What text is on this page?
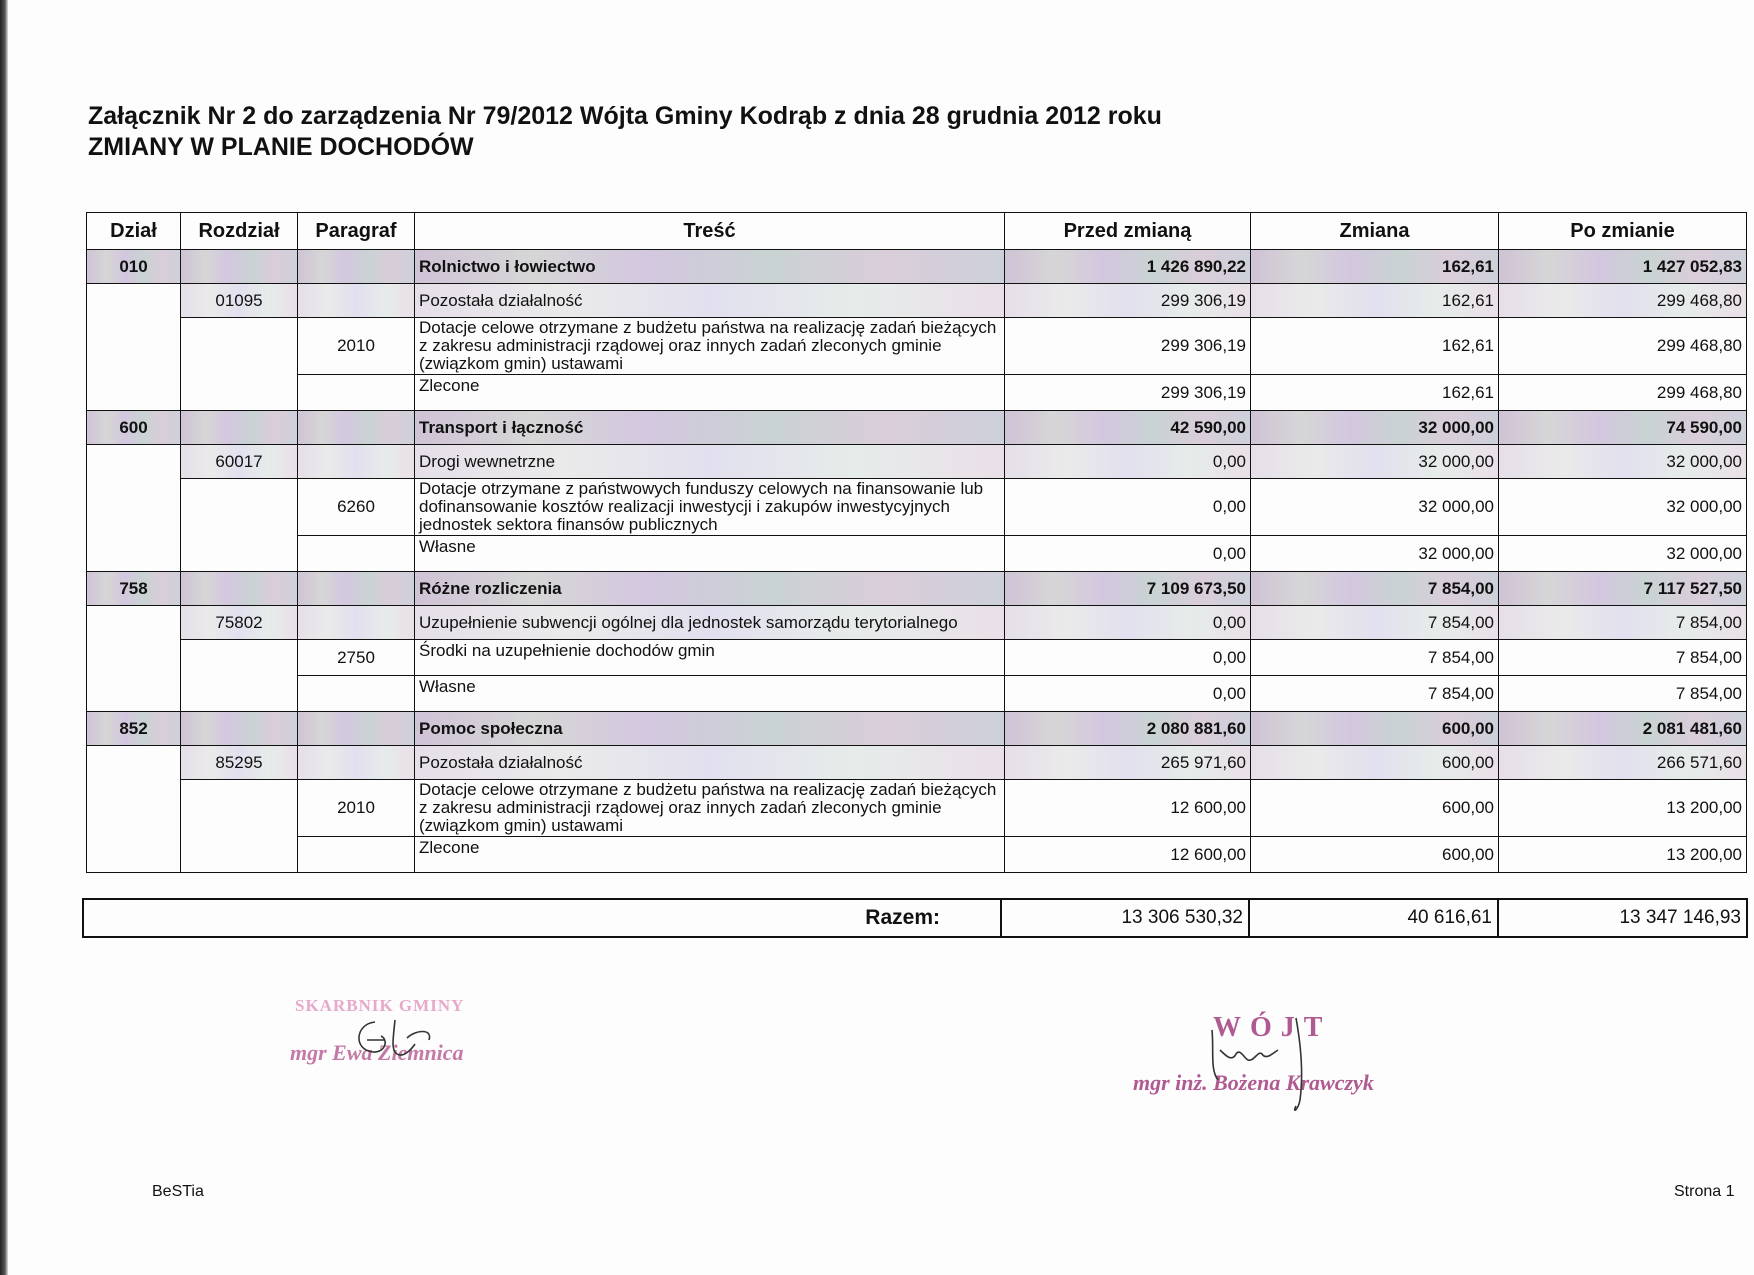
Załącznik Nr 2 do zarządzenia Nr 79/2012 Wójta Gminy Kodrąb z dnia 28 grudnia 2012 roku
ZMIANY W PLANIE DOCHODÓW
Dział	Rozdział	Paragraf	Treść	Przed zmianą	Zmiana	Po zmianie
010			Rolnictwo i łowiectwo	1 426 890,22	162,61	1 427 052,83
	01095		Pozostała działalność	299 306,19	162,61	299 468,80
		2010	Dotacje celowe otrzymane z budżetu państwa na realizację zadań bieżących z zakresu administracji rządowej oraz innych zadań zleconych gminie (związkom gmin) ustawami	299 306,19	162,61	299 468,80
			Zlecone	299 306,19	162,61	299 468,80
600			Transport i łączność	42 590,00	32 000,00	74 590,00
	60017		Drogi wewnetrzne	0,00	32 000,00	32 000,00
		6260	Dotacje otrzymane z państwowych funduszy celowych na finansowanie lub dofinansowanie kosztów realizacji inwestycji i zakupów inwestycyjnych jednostek sektora finansów publicznych	0,00	32 000,00	32 000,00
			Własne	0,00	32 000,00	32 000,00
758			Różne rozliczenia	7 109 673,50	7 854,00	7 117 527,50
	75802		Uzupełnienie subwencji ogólnej dla jednostek samorządu terytorialnego	0,00	7 854,00	7 854,00
		2750	Środki na uzupełnienie dochodów gmin	0,00	7 854,00	7 854,00
			Własne	0,00	7 854,00	7 854,00
852			Pomoc społeczna	2 080 881,60	600,00	2 081 481,60
	85295		Pozostała działalność	265 971,60	600,00	266 571,60
		2010	Dotacje celowe otrzymane z budżetu państwa na realizację zadań bieżących z zakresu administracji rządowej oraz innych zadań zleconych gminie (związkom gmin) ustawami	12 600,00	600,00	13 200,00
			Zlecone	12 600,00	600,00	13 200,00
Razem:	13 306 530,32	40 616,61	13 347 146,93
SKARBNIK GMINY
mgr Ewa Ziemnica
WÓJT
mgr inż. Bożena Krawczyk
BeSTia	Strona 1
